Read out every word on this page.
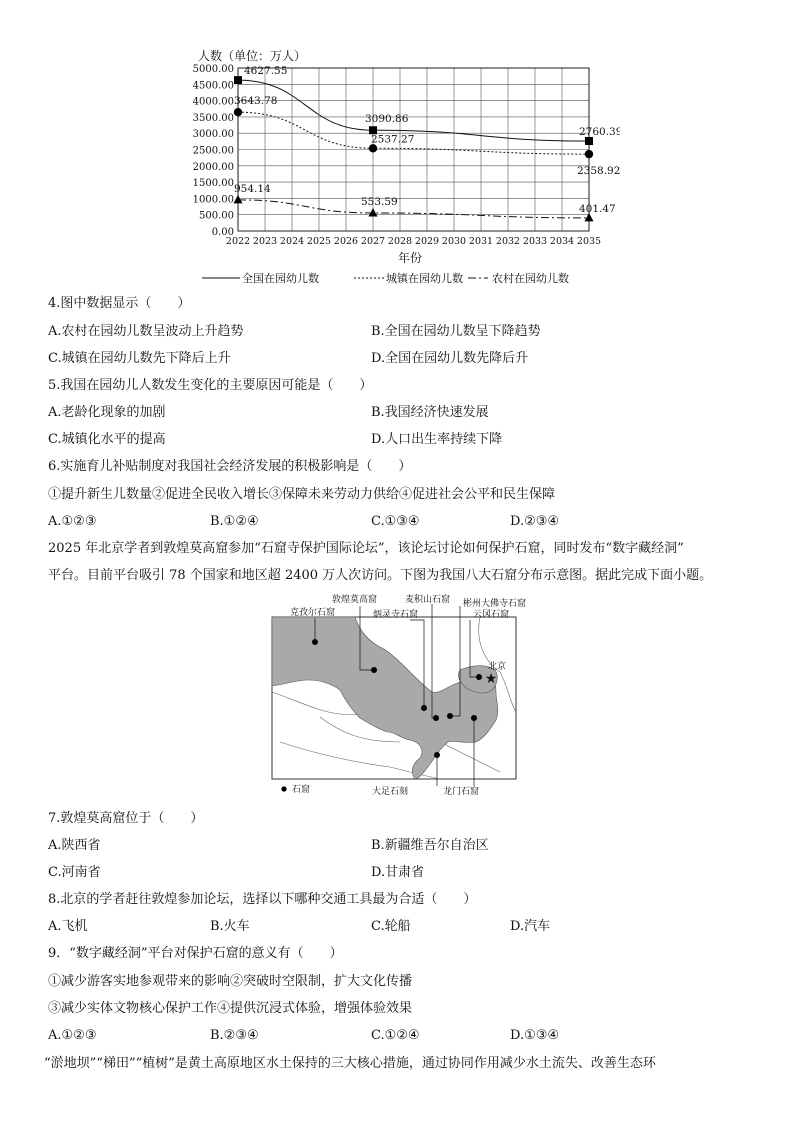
人数（单位：万人）
5000.00
4500.00
4000.00
3500.00
3000.00
2500.00
2000.00
1500.00
1000.00
500.00
0.00
2022 2023 2024 2025 2026 2027 2028 2029 2030 2031 2032 2033 2034 2035
4627.55
3090.86
2760.39
3643.78
2537.27
2358.92
954.14
553.59
401.47
年份
全国在园幼儿数	城镇在园幼儿数	农村在园幼儿数
4.图中数据显示（　　）
A.农村在园幼儿数呈波动上升趋势	B.全国在园幼儿数呈下降趋势
C.城镇在园幼儿数先下降后上升	D.全国在园幼儿数先降后升
5.我国在园幼儿人数发生变化的主要原因可能是（　　）
A.老龄化现象的加剧	B.我国经济快速发展
C.城镇化水平的提高	D.人口出生率持续下降
6.实施育儿补贴制度对我国社会经济发展的积极影响是（　　）
①提升新生儿数量②促进全民收入增长③保障未来劳动力供给④促进社会公平和民生保障
A.①②③	B.①②④	C.①③④	D.②③④
2025 年北京学者到敦煌莫高窟参加“石窟寺保护国际论坛”，该论坛讨论如何保护石窟，同时发布“数字藏经洞”
平台。目前平台吸引 78 个国家和地区超 2400 万人次访问。下图为我国八大石窟分布示意图。据此完成下面小题。
★
克孜尔石窟
敦煌莫高窟	麦积山石窟
炳灵寺石窟
彬州大佛寺石窟
云冈石窟
北京
大足石刻	龙门石窟
石窟
7.敦煌莫高窟位于（　　）
A.陕西省	B.新疆维吾尔自治区
C.河南省	D.甘肃省
8.北京的学者赶往敦煌参加论坛，选择以下哪种交通工具最为合适（　　）
A.飞机	B.火车	C.轮船	D.汽车
9．“数字藏经洞”平台对保护石窟的意义有（　　）
①减少游客实地参观带来的影响②突破时空限制，扩大文化传播
③减少实体文物核心保护工作④提供沉浸式体验，增强体验效果
A.①②③	B.②③④	C.①②④	D.①③④
“淤地坝”“梯田”“植树”是黄土高原地区水土保持的三大核心措施，通过协同作用减少水土流失、改善生态环
